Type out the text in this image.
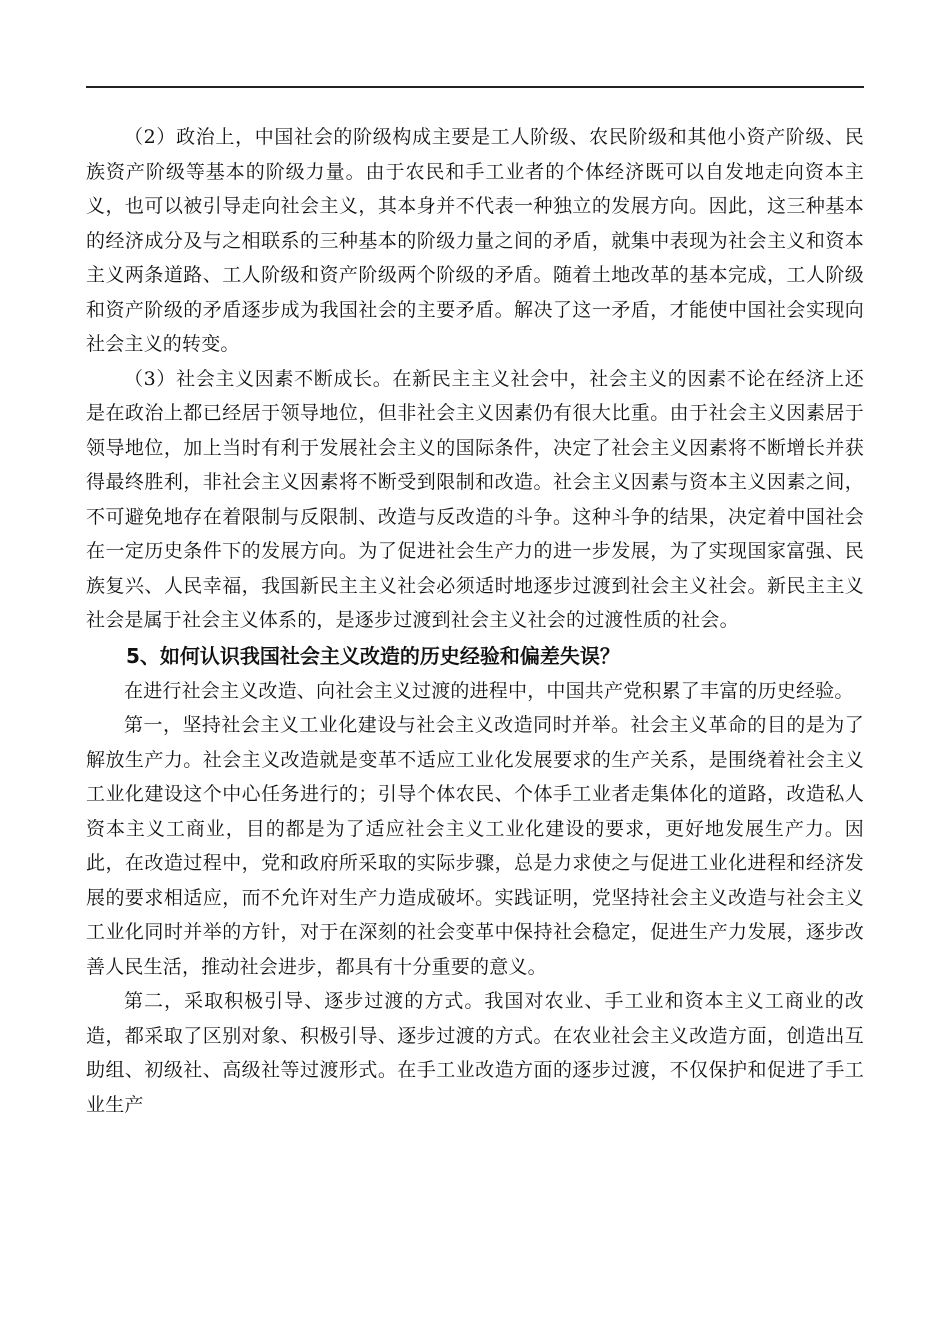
（2）政治上，中国社会的阶级构成主要是工人阶级、农民阶级和其他小资产阶级、民族资产阶级等基本的阶级力量。由于农民和手工业者的个体经济既可以自发地走向资本主义，也可以被引导走向社会主义，其本身并不代表一种独立的发展方向。因此，这三种基本的经济成分及与之相联系的三种基本的阶级力量之间的矛盾，就集中表现为社会主义和资本主义两条道路、工人阶级和资产阶级两个阶级的矛盾。随着土地改革的基本完成，工人阶级和资产阶级的矛盾逐步成为我国社会的主要矛盾。解决了这一矛盾，才能使中国社会实现向社会主义的转变。

（3）社会主义因素不断成长。在新民主主义社会中，社会主义的因素不论在经济上还是在政治上都已经居于领导地位，但非社会主义因素仍有很大比重。由于社会主义因素居于领导地位，加上当时有利于发展社会主义的国际条件，决定了社会主义因素将不断增长并获得最终胜利，非社会主义因素将不断受到限制和改造。社会主义因素与资本主义因素之间，不可避免地存在着限制与反限制、改造与反改造的斗争。这种斗争的结果，决定着中国社会在一定历史条件下的发展方向。为了促进社会生产力的进一步发展，为了实现国家富强、民族复兴、人民幸福，我国新民主主义社会必须适时地逐步过渡到社会主义社会。新民主主义社会是属于社会主义体系的，是逐步过渡到社会主义社会的过渡性质的社会。

5、如何认识我国社会主义改造的历史经验和偏差失误？

在进行社会主义改造、向社会主义过渡的进程中，中国共产党积累了丰富的历史经验。

第一，坚持社会主义工业化建设与社会主义改造同时并举。社会主义革命的目的是为了解放生产力。社会主义改造就是变革不适应工业化发展要求的生产关系，是围绕着社会主义工业化建设这个中心任务进行的；引导个体农民、个体手工业者走集体化的道路，改造私人资本主义工商业，目的都是为了适应社会主义工业化建设的要求，更好地发展生产力。因此，在改造过程中，党和政府所采取的实际步骤，总是力求使之与促进工业化进程和经济发展的要求相适应，而不允许对生产力造成破坏。实践证明，党坚持社会主义改造与社会主义工业化同时并举的方针，对于在深刻的社会变革中保持社会稳定，促进生产力发展，逐步改善人民生活，推动社会进步，都具有十分重要的意义。

第二，采取积极引导、逐步过渡的方式。我国对农业、手工业和资本主义工商业的改造，都采取了区别对象、积极引导、逐步过渡的方式。在农业社会主义改造方面，创造出互助组、初级社、高级社等过渡形式。在手工业改造方面的逐步过渡，不仅保护和促进了手工业生产
